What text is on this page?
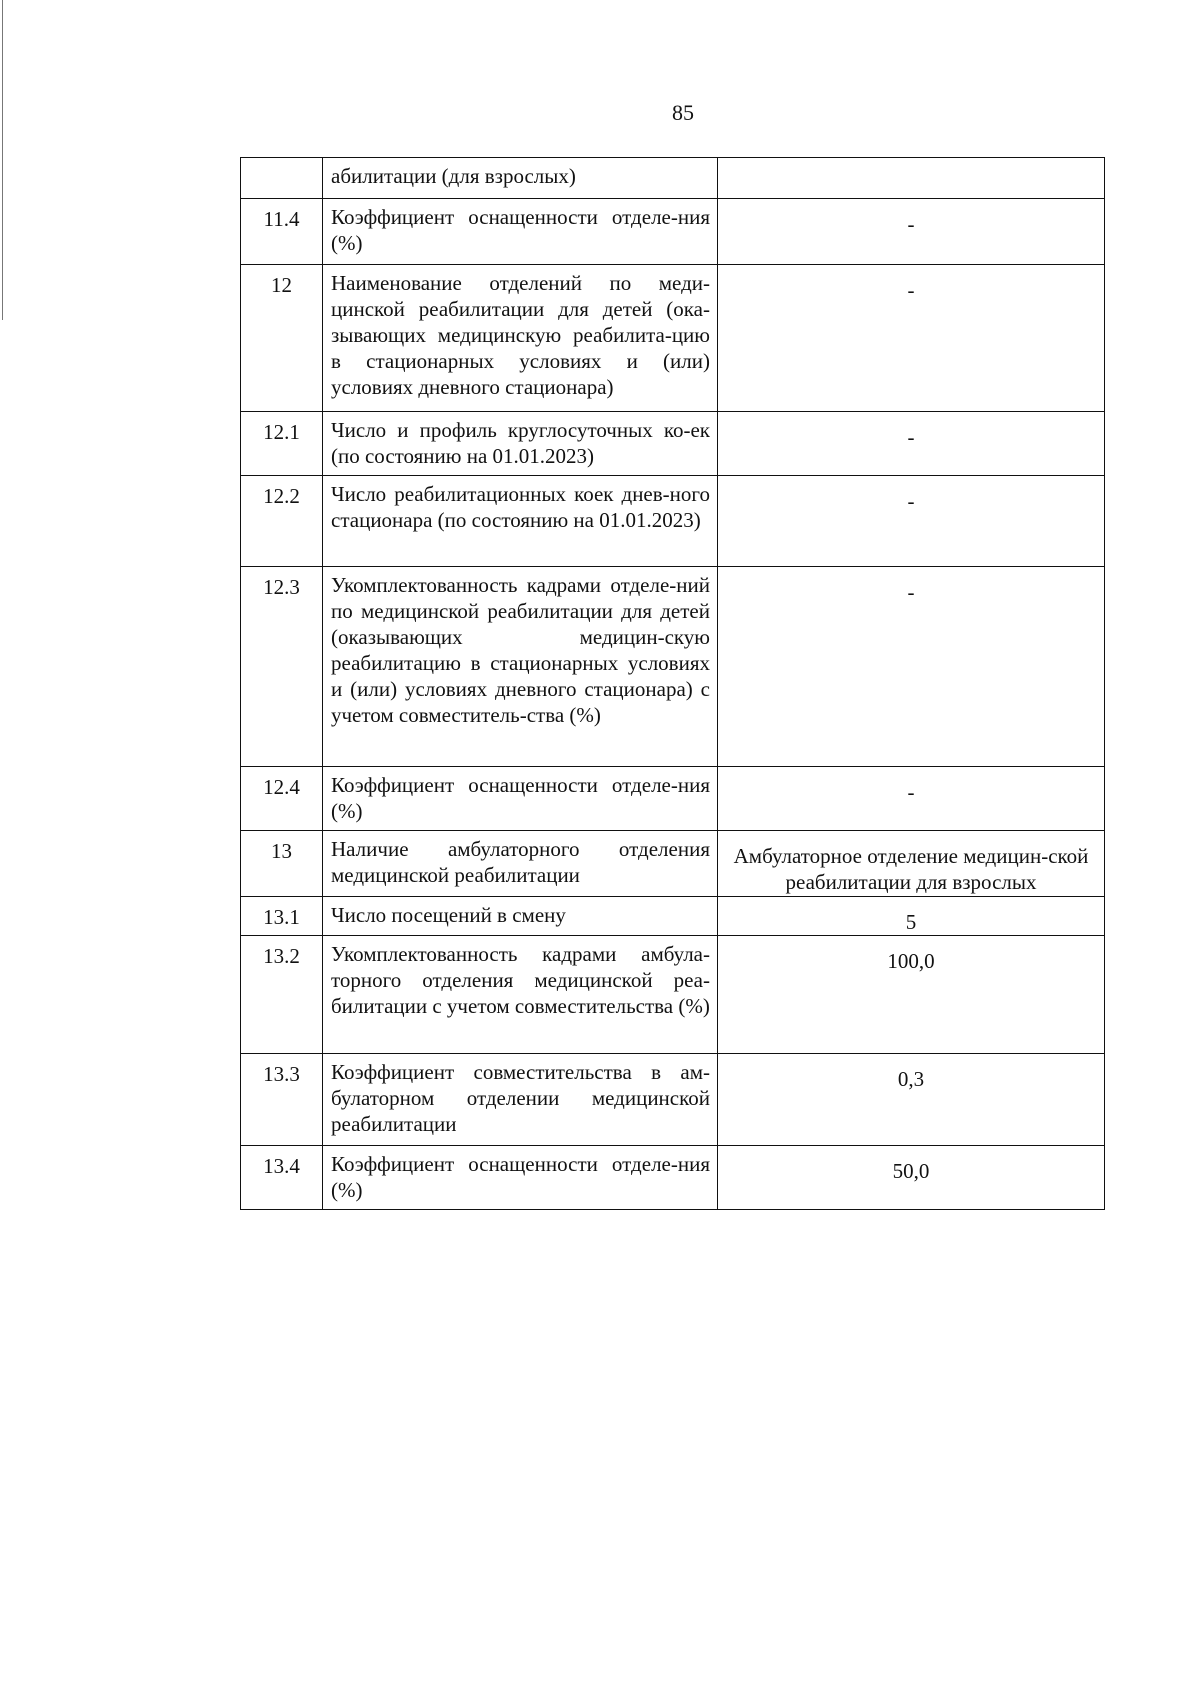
85
	абилитации (для взрослых)	
11.4	Коэффициент оснащенности отделе-ния (%)	-
12	Наименование отделений по меди-цинской реабилитации для детей (ока-зывающих медицинскую реабилита-цию в стационарных условиях и (или) условиях дневного стационара)	-
12.1	Число и профиль круглосуточных ко-ек (по состоянию на 01.01.2023)	-
12.2	Число реабилитационных коек днев-ного стационара (по состоянию на 01.01.2023)	-
12.3	Укомплектованность кадрами отделе-ний по медицинской реабилитации для детей (оказывающих медицин-скую реабилитацию в стационарных условиях и (или) условиях дневного стационара) с учетом совместитель-ства (%)	-
12.4	Коэффициент оснащенности отделе-ния (%)	-
13	Наличие амбулаторного отделения медицинской реабилитации	Амбулаторное отделение медицин-ской реабилитации для взрослых
13.1	Число посещений в смену	5
13.2	Укомплектованность кадрами амбула-торного отделения медицинской реа-билитации с учетом совместительства (%)	100,0
13.3	Коэффициент совместительства в ам-булаторном отделении медицинской реабилитации	0,3
13.4	Коэффициент оснащенности отделе-ния (%)	50,0
